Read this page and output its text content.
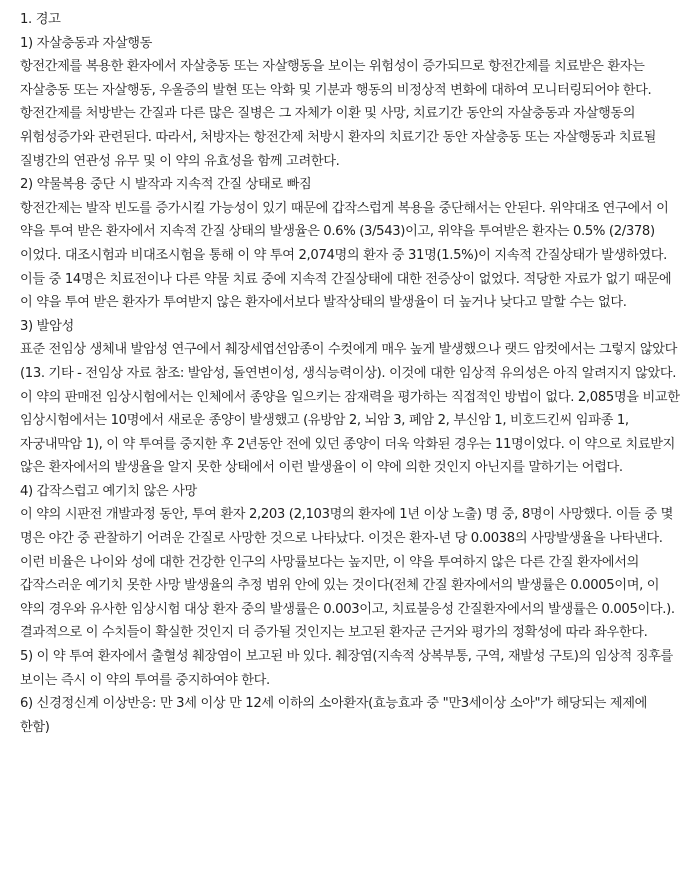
1. 경고

1) 자살충동과 자살행동

항전간제를 복용한 환자에서 자살충동 또는 자살행동을 보이는 위험성이 증가되므로 항전간제를 치료받은 환자는 자살충동 또는 자살행동, 우울증의 발현 또는 악화 및 기분과 행동의 비정상적 변화에 대하여 모니터링되어야 한다.

항전간제를 처방받는 간질과 다른 많은 질병은 그 자체가 이환 및 사망, 치료기간 동안의 자살충동과 자살행동의 위험성증가와 관련된다. 따라서, 처방자는 항전간제 처방시 환자의 치료기간 동안 자살충동 또는 자살행동과 치료될 질병간의 연관성 유무 및 이 약의 유효성을 함께 고려한다.

2) 약물복용 중단 시 발작과 지속적 간질 상태로 빠짐

항전간제는 발작 빈도를 증가시킬 가능성이 있기 때문에 갑작스럽게 복용을 중단해서는 안된다. 위약대조 연구에서 이 약을 투여 받은 환자에서 지속적 간질 상태의 발생율은 0.6% (3/543)이고, 위약을 투여받은 환자는 0.5% (2/378)이었다. 대조시험과 비대조시험을 통해 이 약 투여 2,074명의 환자 중 31명(1.5%)이 지속적 간질상태가 발생하였다. 이들 중 14명은 치료전이나 다른 약물 치료 중에 지속적 간질상태에 대한 전증상이 없었다. 적당한 자료가 없기 때문에 이 약을 투여 받은 환자가 투여받지 않은 환자에서보다 발작상태의 발생율이 더 높거나 낮다고 말할 수는 없다.

3) 발암성

표준 전임상 생체내 발암성 연구에서 췌장세엽선암종이 수컷에게 매우 높게 발생했으나 랫드 암컷에서는 그렇지 않았다(13. 기타 - 전임상 자료 참조: 발암성, 돌연변이성, 생식능력이상). 이것에 대한 임상적 유의성은 아직 알려지지 않았다. 이 약의 판매전 임상시험에서는 인체에서 종양을 일으키는 잠재력을 평가하는 직접적인 방법이 없다. 2,085명을 비교한 임상시험에서는 10명에서 새로운 종양이 발생했고 (유방암 2, 뇌암 3, 폐암 2, 부신암 1, 비호드킨씨 임파종 1, 자궁내막암 1), 이 약 투여를 중지한 후 2년동안 전에 있던 종양이 더욱 악화된 경우는 11명이었다. 이 약으로 치료받지 않은 환자에서의 발생율을 알지 못한 상태에서 이런 발생율이 이 약에 의한 것인지 아닌지를 말하기는 어렵다.

4) 갑작스럽고 예기치 않은 사망

이 약의 시판전 개발과정 동안, 투여 환자 2,203 (2,103명의 환자에 1년 이상 노출) 명 중, 8명이 사망했다. 이들 중 몇 명은 야간 중 관찰하기 어려운 간질로 사망한 것으로 나타났다. 이것은 환자-년 당 0.0038의 사망발생율을 나타낸다. 이런 비율은 나이와 성에 대한 건강한 인구의 사망률보다는 높지만, 이 약을 투여하지 않은 다른 간질 환자에서의 갑작스러운 예기치 못한 사망 발생율의 추정 범위 안에 있는 것이다(전체 간질 환자에서의 발생률은 0.0005이며, 이 약의 경우와 유사한 임상시험 대상 환자 중의 발생률은 0.003이고, 치료불응성 간질환자에서의 발생률은 0.005이다.). 결과적으로 이 수치들이 확실한 것인지 더 증가될 것인지는 보고된 환자군 근거와 평가의 정확성에 따라 좌우한다.

5) 이 약 투여 환자에서 출혈성 췌장염이 보고된 바 있다. 췌장염(지속적 상복부통, 구역, 재발성 구토)의 임상적 징후를 보이는 즉시 이 약의 투여를 중지하여야 한다.

6) 신경정신계 이상반응: 만 3세 이상 만 12세 이하의 소아환자(효능효과 중 "만3세이상 소아"가 해당되는 제제에 한함)
